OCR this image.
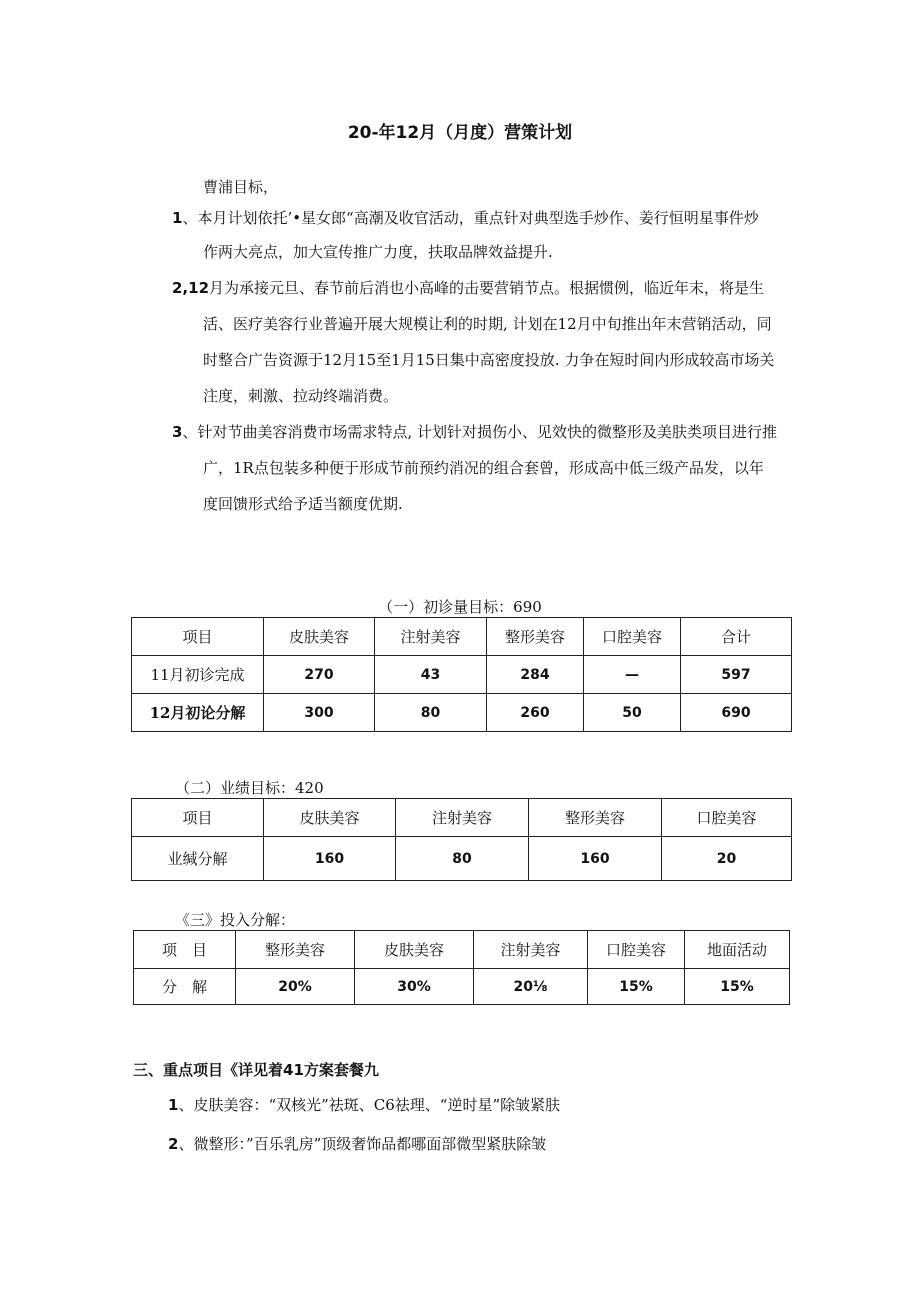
20-年12月（月度）营策计划
曹浦目标，
1、本月计划依托’•星女郎“高潮及收官活动，重点针对典型选手炒作、姜行恒明星事件炒
作两大亮点，加大宣传推广力度，扶取品牌效益提升.
2,12月为承接元旦、春节前后消也小高峰的击要营销节点。根据惯例，临近年末，将是生
活、医疗美容行业普遍开展大规模让利的时期, 计划在12月中旬推出年末营销活动，同
时整合广告资源于12月15至1月15日集中高密度投放. 力争在短时间内形成较高市场关
注度，刺激、拉动终端消费。
3、针对节曲美容消费市场需求特点, 计划针对损伤小、见效快的微整形及美肤类项目进行推
广，1R点包装多种便于形成节前预约消况的组合套曾，形成高中低三级产品发，以年
度回馈形式给予适当额度优期.
（一）初诊量目标：690
项目	皮肤美容	注射美容	整形美容	口腔美容	合计
11月初诊完成	270	43	284	—	597
12月初论分解	300	80	260	50	690
（二）业绩目标：420
项目	皮肤美容	注射美容	整形美容	口腔美容
业缄分解	160	80	160	20
《三》投入分解：
项　目	整形美容	皮肤美容	注射美容	口腔美容	地面活动
分　解	20%	30%	20⅛	15%	15%
三、重点项目《详见着41方案套餐九
1、皮肤美容：“双核光”祛斑、C6祛理、“逆时星”除皱紧肤
2、微整形：”百乐乳房”顶级奢饰品都哪面部微型紧肤除皱
